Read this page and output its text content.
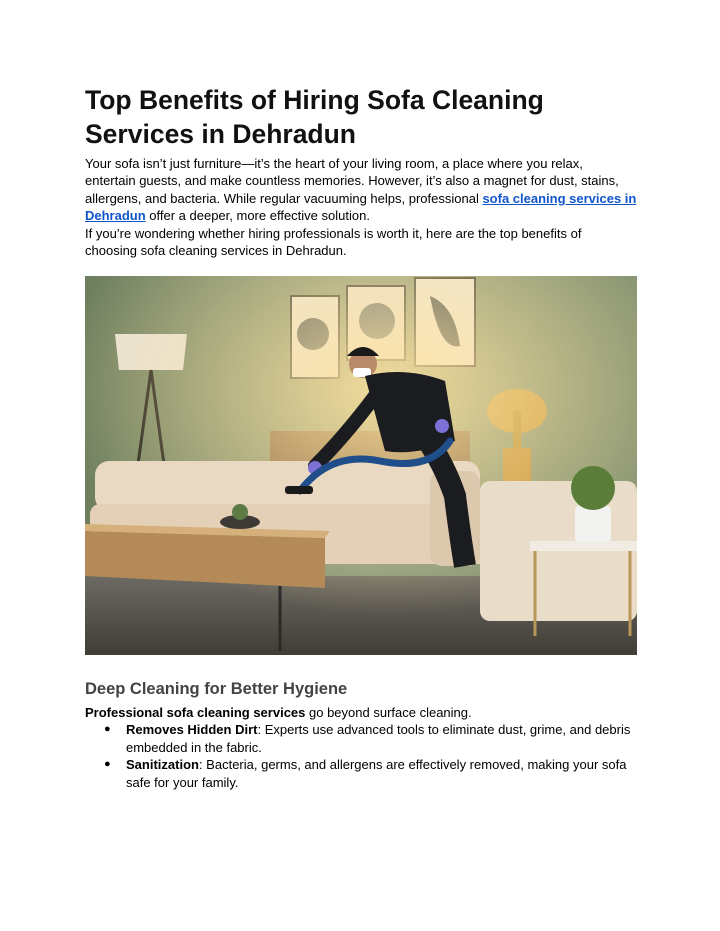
Top Benefits of Hiring Sofa Cleaning Services in Dehradun

Your sofa isn’t just furniture—it’s the heart of your living room, a place where you relax, entertain guests, and make countless memories. However, it’s also a magnet for dust, stains, allergens, and bacteria. While regular vacuuming helps, professional sofa cleaning services in Dehradun offer a deeper, more effective solution.

If you’re wondering whether hiring professionals is worth it, here are the top benefits of choosing sofa cleaning services in Dehradun.

Deep Cleaning for Better Hygiene

Professional sofa cleaning services go beyond surface cleaning.

● Removes Hidden Dirt: Experts use advanced tools to eliminate dust, grime, and debris embedded in the fabric.
● Sanitization: Bacteria, germs, and allergens are effectively removed, making your sofa safe for your family.
